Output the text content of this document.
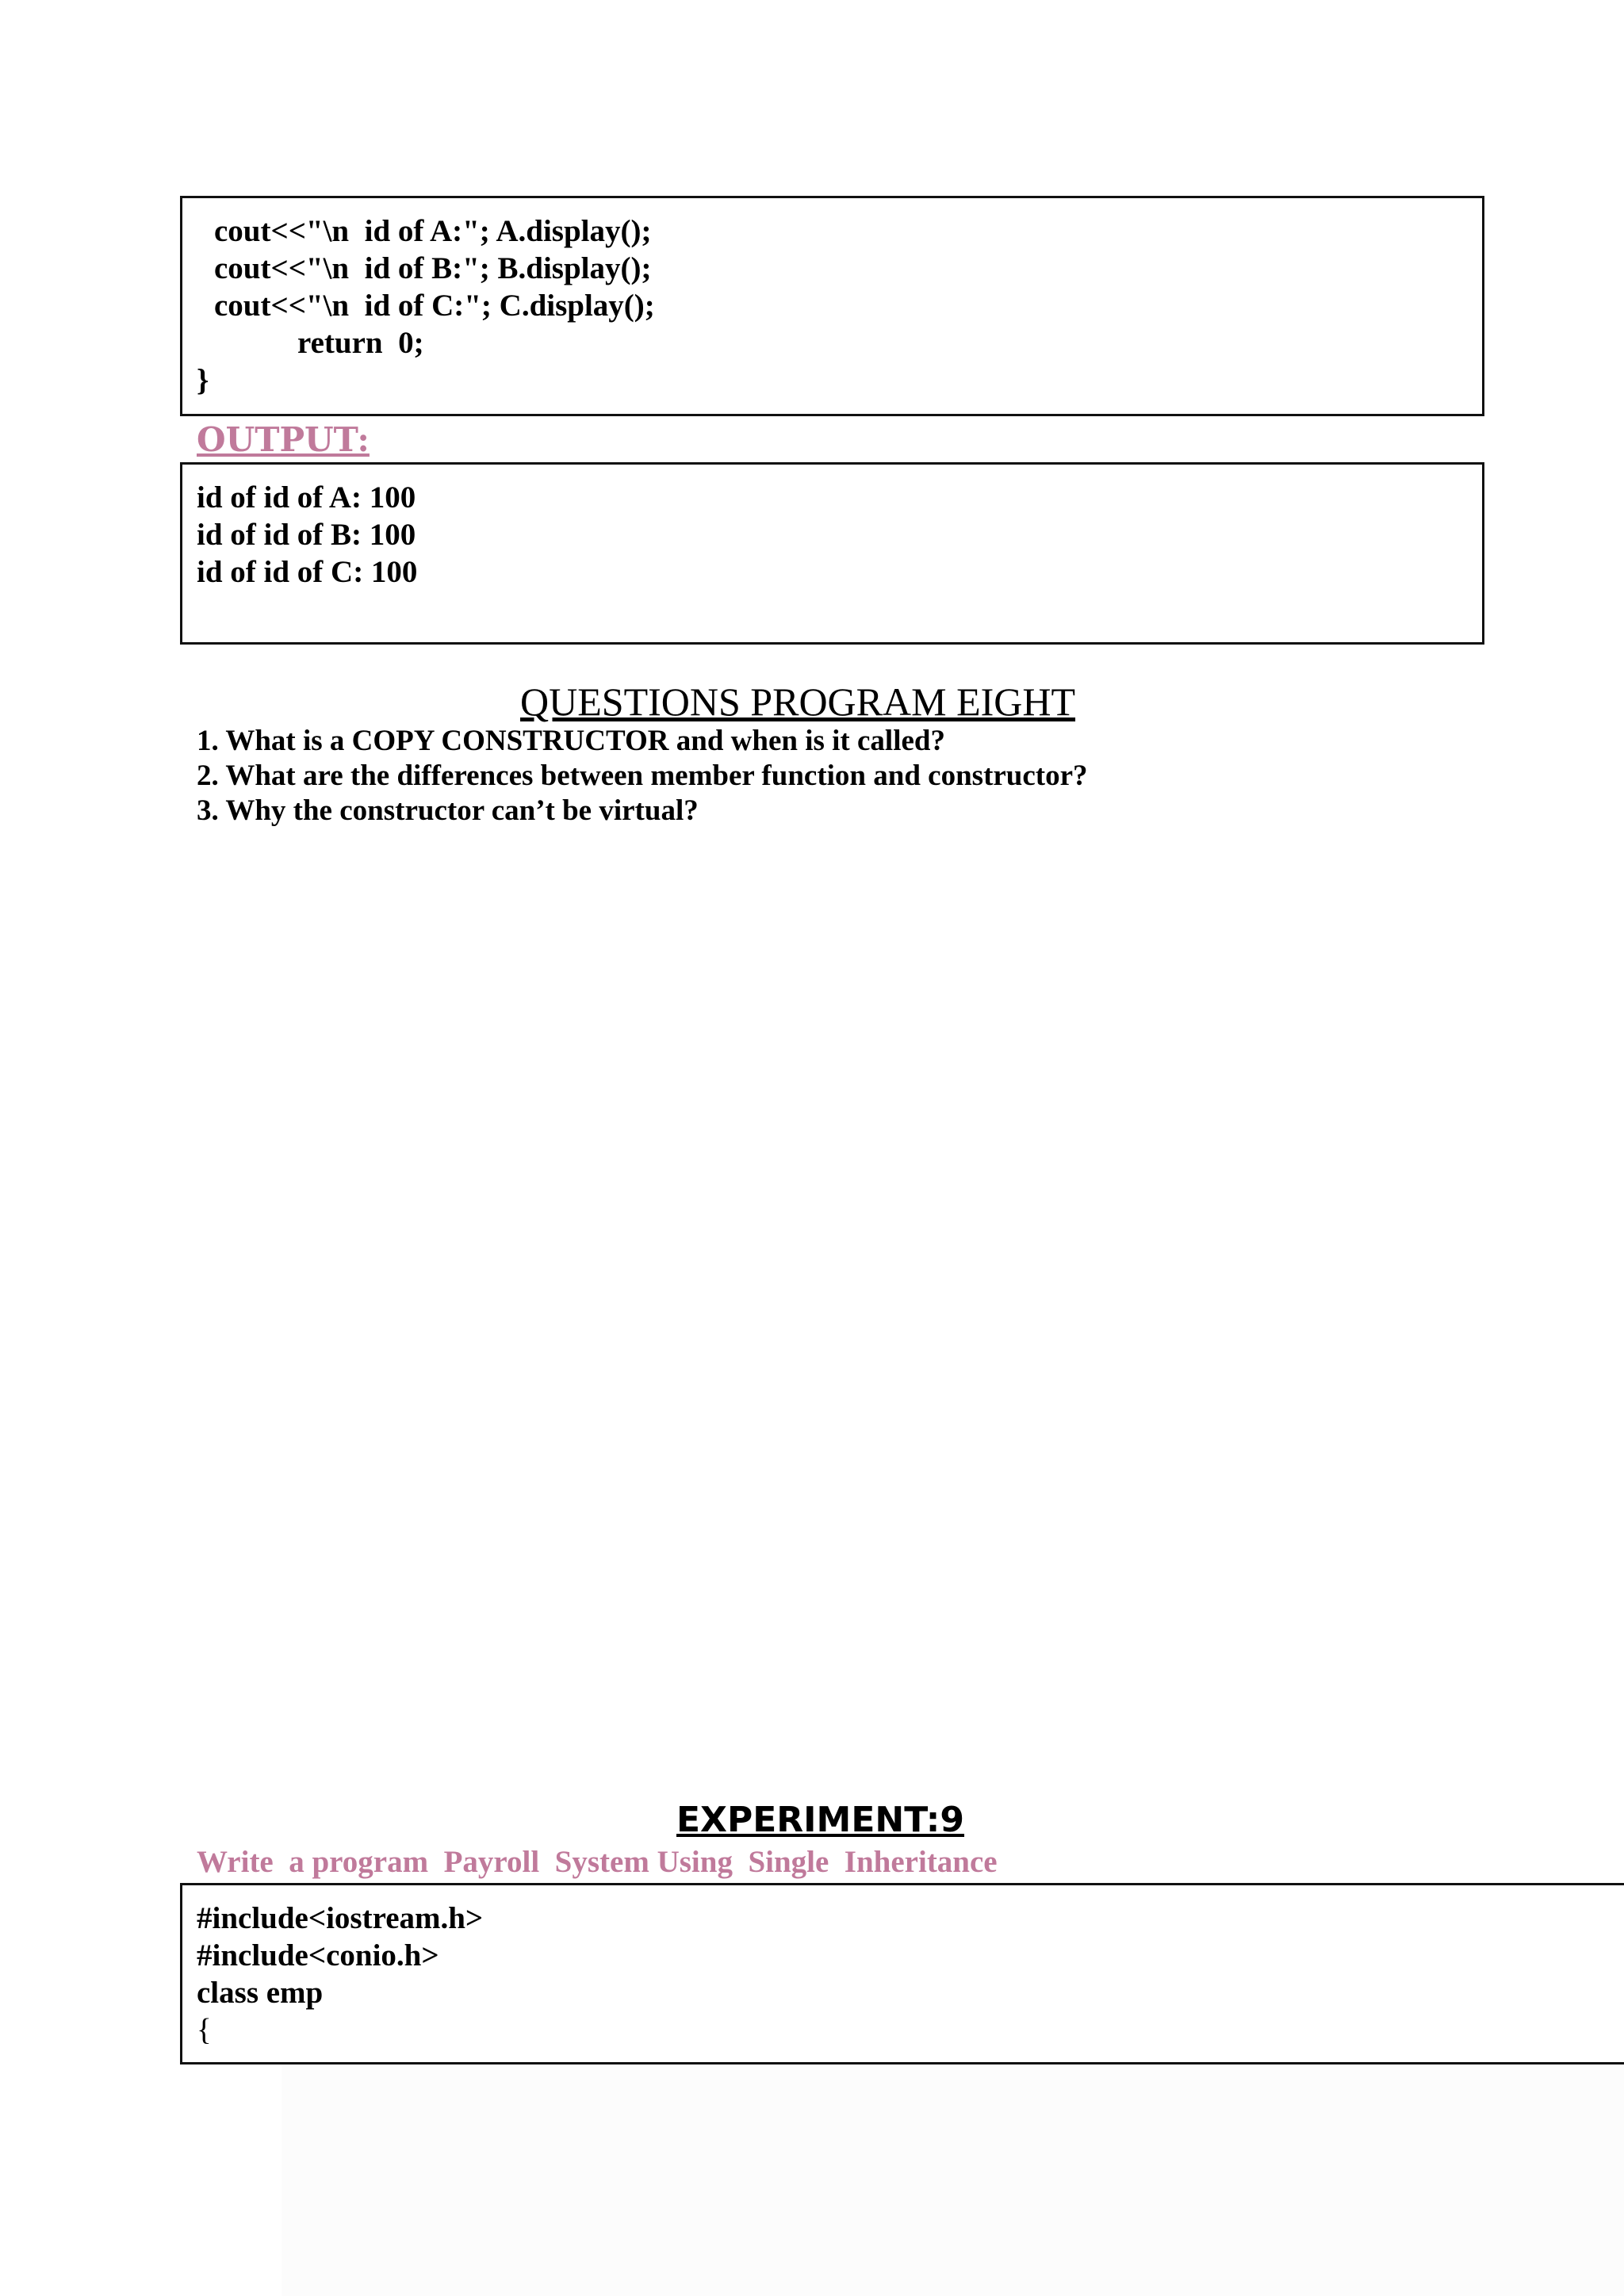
cout<<"\n  id of A:"; A.display();
cout<<"\n  id of B:"; B.display();
cout<<"\n  id of C:"; C.display();
return  0;
}
OUTPUT:
id of id of A: 100
id of id of B: 100
id of id of C: 100
QUESTIONS PROGRAM EIGHT
1. What is a COPY CONSTRUCTOR and when is it called?
2. What are the differences between member function and constructor?
3. Why the constructor can’t be virtual?
EXPERIMENT:9
Write  a program  Payroll  System Using  Single  Inheritance
#include<iostream.h>
#include<conio.h>
class emp
{
